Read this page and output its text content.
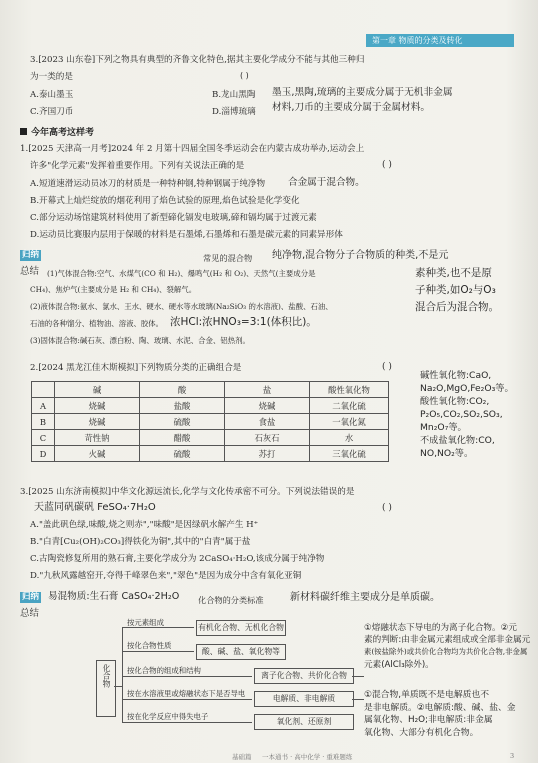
第一章 物质的分类及转化
3.[2023 山东卷]下列之物具有典型的齐鲁文化特色,据其主要化学成分不能与其他三种归
为一类的是	( )
A.泰山墨玉	B.龙山黑陶
C.齐国刀币	D.淄博琉璃
墨玉,黑陶,琉璃的主要成分属于无机非金属
材料,刀币的主要成分属于金属材料。
今年高考这样考
1.[2025 天津高一月考]2024 年 2 月第十四届全国冬季运动会在内蒙古成功举办,运动会上
许多"化学元素"发挥着重要作用。下列有关说法正确的是	( )
A.短道速滑运动员冰刀的材质是一种特种钢,特种钢属于纯净物 合金属于混合物。
B.开幕式上灿烂绽放的烟花利用了焰色试验的原理,焰色试验是化学变化
C.部分运动场馆建筑材料使用了新型碲化镉发电玻璃,碲和镉均属于过渡元素
D.运动员比赛服内层用于保暖的材料是石墨烯,石墨烯和石墨是碳元素的同素异形体
归纳
总结
常见的混合物 纯净物,混合物分子合物质的种类,不是元
(1)气体混合物:空气、水煤气(CO 和 H₂)、爆鸣气(H₂ 和 O₂)、天然气(主要成分是	素种类,也不是原
CH₄)、焦炉气(主要成分是 H₂ 和 CH₄)、裂解气。	子种类,如O₂与O₃
混合后为混合物。
(2)液体混合物:氨水、氯水、王水、硬水、硬水等水玻璃(Na₂SiO₃ 的水溶液)、盐酸、石油、
石油的各种馏分、植物油、溶液、胶体。 浓HCl:浓HNO₃=3:1(体积比)。
(3)固体混合物:碱石灰、漂白粉、陶、玻璃、水泥、合金、铝热剂。
2.[2024 黑龙江佳木斯模拟]下列物质分类的正确组合是	( )
	碱	酸	盐	酸性氧化物
A	烧碱	盐酸	烧碱	二氧化硫
B	烧碱	硫酸	食盐	一氧化氮
C	苛性钠	醋酸	石灰石	水
D	火碱	硫酸	苏打	三氧化硫
碱性氧化物:CaO,
Na₂O,MgO,Fe₂O₃等。
酸性氧化物:CO₂,
P₂O₅,CO₂,SO₂,SO₃,
Mn₂O₇等。
不成盐氧化物:CO,
NO,NO₂等。
3.[2025 山东济南模拟]中华文化源远流长,化学与文化传承密不可分。下列说法错误的是
( )
天蓝同矾碳矾 FeSO₄·7H₂O
A."盖此矾色绿,味酸,烧之则赤","味酸"是因绿矾水解产生 H⁺
B."白青[Cu₂(OH)₂CO₃]得铁化为铜",其中的"白青"属于盐
C.古陶瓷修复所用的熟石膏,主要化学成分为 2CaSO₄·H₂O,该成分属于纯净物
D."九秋风露越窑开,夺得千峰翠色来","翠色"是因为成分中含有氧化亚铜
归纳
总结
易混物质:生石膏 CaSO₄·2H₂O 化合物的分类标准	新材料碳纤维主要成分是单质碳。
化合物
按元素组成
有机化合物、无机化合物
按化合物性质
酸、碱、盐、氧化物等
按化合物的组成和结构
离子化合物、共价化合物
按在水溶液里或熔融状态下是否导电
电解质、非电解质
按在化学反应中得失电子
氧化剂、还原剂
①熔融状态下导电的为离子化合物。②元
素的判断:由非金属元素组成或全部非金属元
素(铵盐除外)或共价化合物均为共价化合物,非金属
元素(AlCl₃除外)。
①混合物,单质既不是电解质也不
是非电解质。②电解质:酸、碱、盐、金
属氧化物、H₂O;非电解质:非金属
氧化物、大部分有机化合物。
基础篇 一本通书 · 高中化学 · 重难题练	3
